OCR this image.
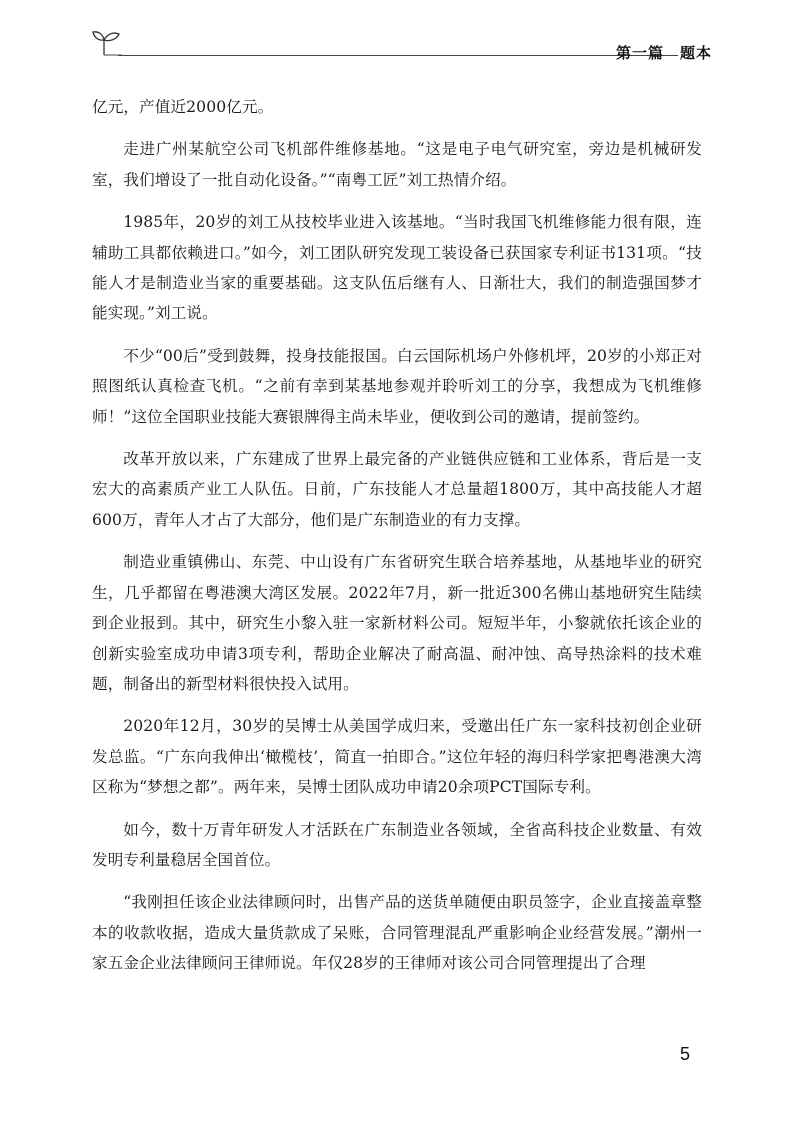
第一篇　题本

亿元，产值近2000亿元。

走进广州某航空公司飞机部件维修基地。“这是电子电气研究室，旁边是机械研发室，我们增设了一批自动化设备。”“南粤工匠”刘工热情介绍。

1985年，20岁的刘工从技校毕业进入该基地。“当时我国飞机维修能力很有限，连辅助工具都依赖进口。”如今，刘工团队研究发现工装设备已获国家专利证书131项。“技能人才是制造业当家的重要基础。这支队伍后继有人、日渐壮大，我们的制造强国梦才能实现。”刘工说。

不少“00后”受到鼓舞，投身技能报国。白云国际机场户外修机坪，20岁的小郑正对照图纸认真检查飞机。“之前有幸到某基地参观并聆听刘工的分享，我想成为飞机维修师！”这位全国职业技能大赛银牌得主尚未毕业，便收到公司的邀请，提前签约。

改革开放以来，广东建成了世界上最完备的产业链供应链和工业体系，背后是一支宏大的高素质产业工人队伍。日前，广东技能人才总量超1800万，其中高技能人才超600万，青年人才占了大部分，他们是广东制造业的有力支撑。

制造业重镇佛山、东莞、中山设有广东省研究生联合培养基地，从基地毕业的研究生，几乎都留在粤港澳大湾区发展。2022年7月，新一批近300名佛山基地研究生陆续到企业报到。其中，研究生小黎入驻一家新材料公司。短短半年，小黎就依托该企业的创新实验室成功申请3项专利，帮助企业解决了耐高温、耐冲蚀、高导热涂料的技术难题，制备出的新型材料很快投入试用。

2020年12月，30岁的吴博士从美国学成归来，受邀出任广东一家科技初创企业研发总监。“广东向我伸出‘橄榄枝’，简直一拍即合。”这位年轻的海归科学家把粤港澳大湾区称为“梦想之都”。两年来，吴博士团队成功申请20余项PCT国际专利。

如今，数十万青年研发人才活跃在广东制造业各领域，全省高科技企业数量、有效发明专利量稳居全国首位。

“我刚担任该企业法律顾问时，出售产品的送货单随便由职员签字，企业直接盖章整本的收款收据，造成大量货款成了呆账，合同管理混乱严重影响企业经营发展。”潮州一家五金企业法律顾问王律师说。年仅28岁的王律师对该公司合同管理提出了合理

5
